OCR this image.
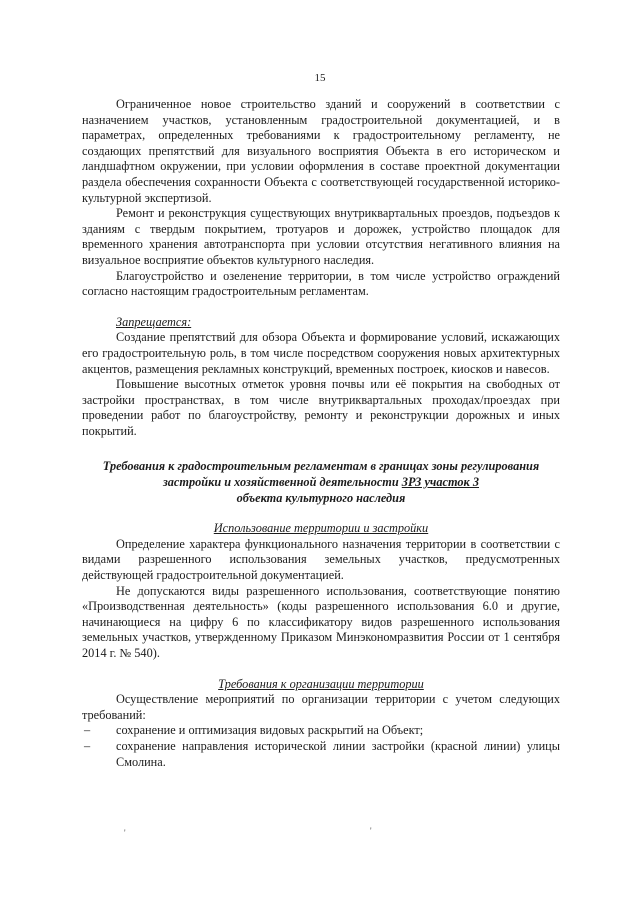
15

Ограниченное новое строительство зданий и сооружений в соответствии с назначением участков, установленным градостроительной документацией, и в параметрах, определенных требованиями к градостроительному регламенту, не создающих препятствий для визуального восприятия Объекта в его историческом и ландшафтном окружении, при условии оформления в составе проектной документации раздела обеспечения сохранности Объекта с соответствующей государственной историко-культурной экспертизой.

Ремонт и реконструкция существующих внутриквартальных проездов, подъездов к зданиям с твердым покрытием, тротуаров и дорожек, устройство площадок для временного хранения автотранспорта при условии отсутствия негативного влияния на визуальное восприятие объектов культурного наследия.

Благоустройство и озеленение территории, в том числе устройство ограждений согласно настоящим градостроительным регламентам.

Запрещается:

Создание препятствий для обзора Объекта и формирование условий, искажающих его градостроительную роль, в том числе посредством сооружения новых архитектурных акцентов, размещения рекламных конструкций, временных построек, киосков и навесов.

Повышение высотных отметок уровня почвы или её покрытия на свободных от застройки пространствах, в том числе внутриквартальных проходах/проездах при проведении работ по благоустройству, ремонту и реконструкции дорожных и иных покрытий.

Требования к градостроительным регламентам в границах зоны регулирования застройки и хозяйственной деятельности ЗРЗ участок 3
объекта культурного наследия

Использование территории и застройки

Определение характера функционального назначения территории в соответствии с видами разрешенного использования земельных участков, предусмотренных действующей градостроительной документацией.

Не допускаются виды разрешенного использования, соответствующие понятию «Производственная деятельность» (коды разрешенного использования 6.0 и другие, начинающиеся на цифру 6 по классификатору видов разрешенного использования земельных участков, утвержденному Приказом Минэкономразвития России от 1 сентября 2014 г. № 540).

Требования к организации территории

Осуществление мероприятий по организации территории с учетом следующих требований:

–	сохранение и оптимизация видовых раскрытий на Объект;
–	сохранение направления исторической линии застройки (красной линии) улицы Смолина.
'	'
